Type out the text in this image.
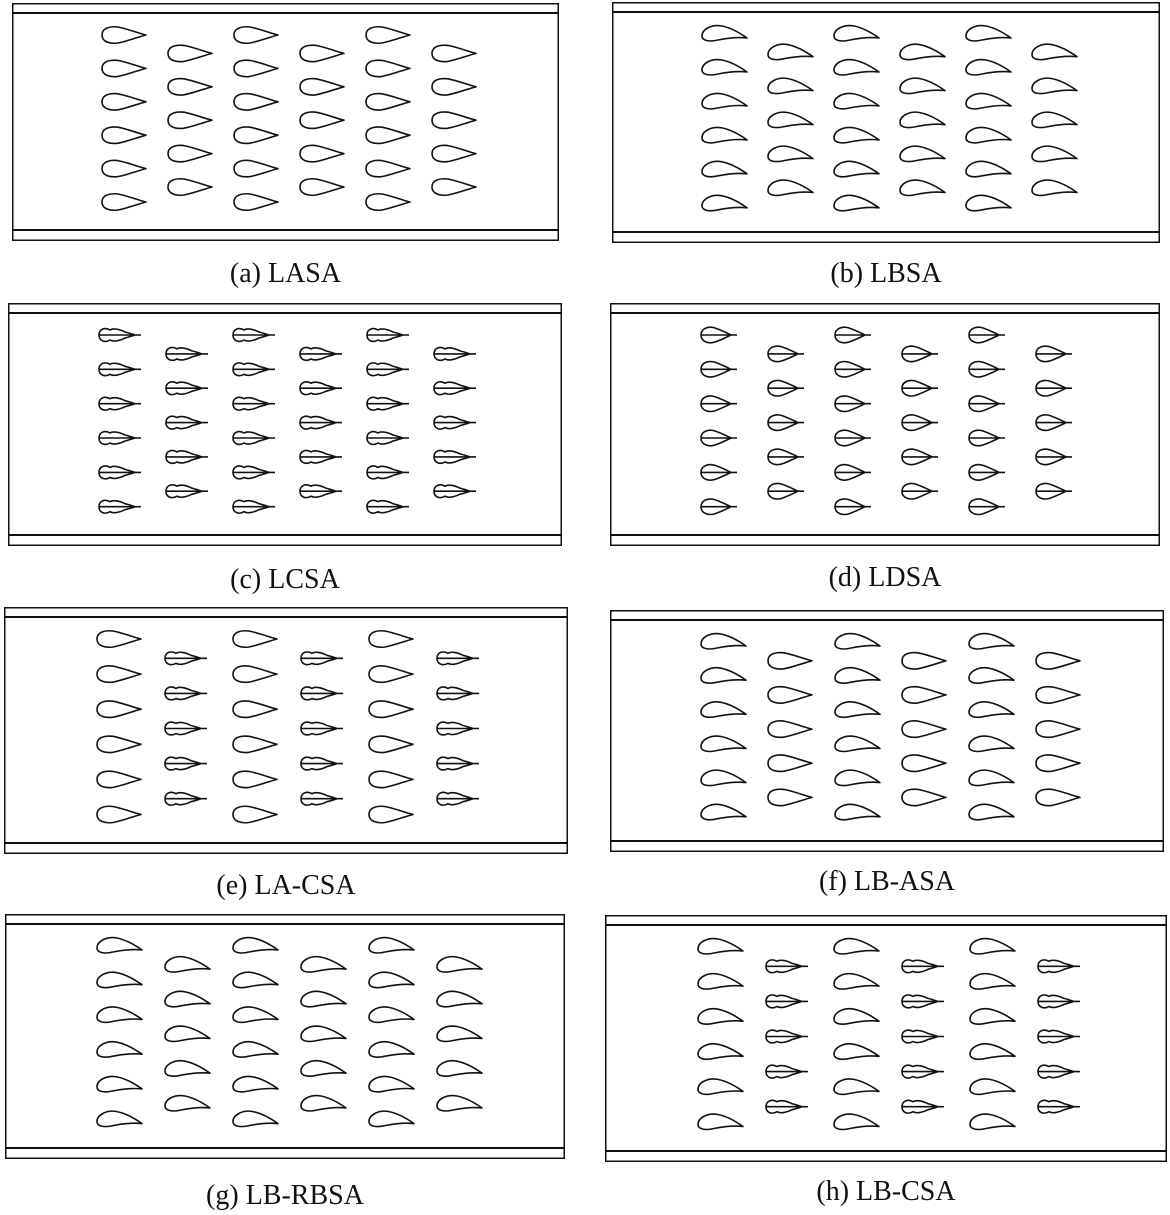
(a) LASA	(b) LBSA
(c) LCSA	(d) LDSA
(e) LA-CSA	(f) LB-ASA
(g) LB-RBSA	(h) LB-CSA
